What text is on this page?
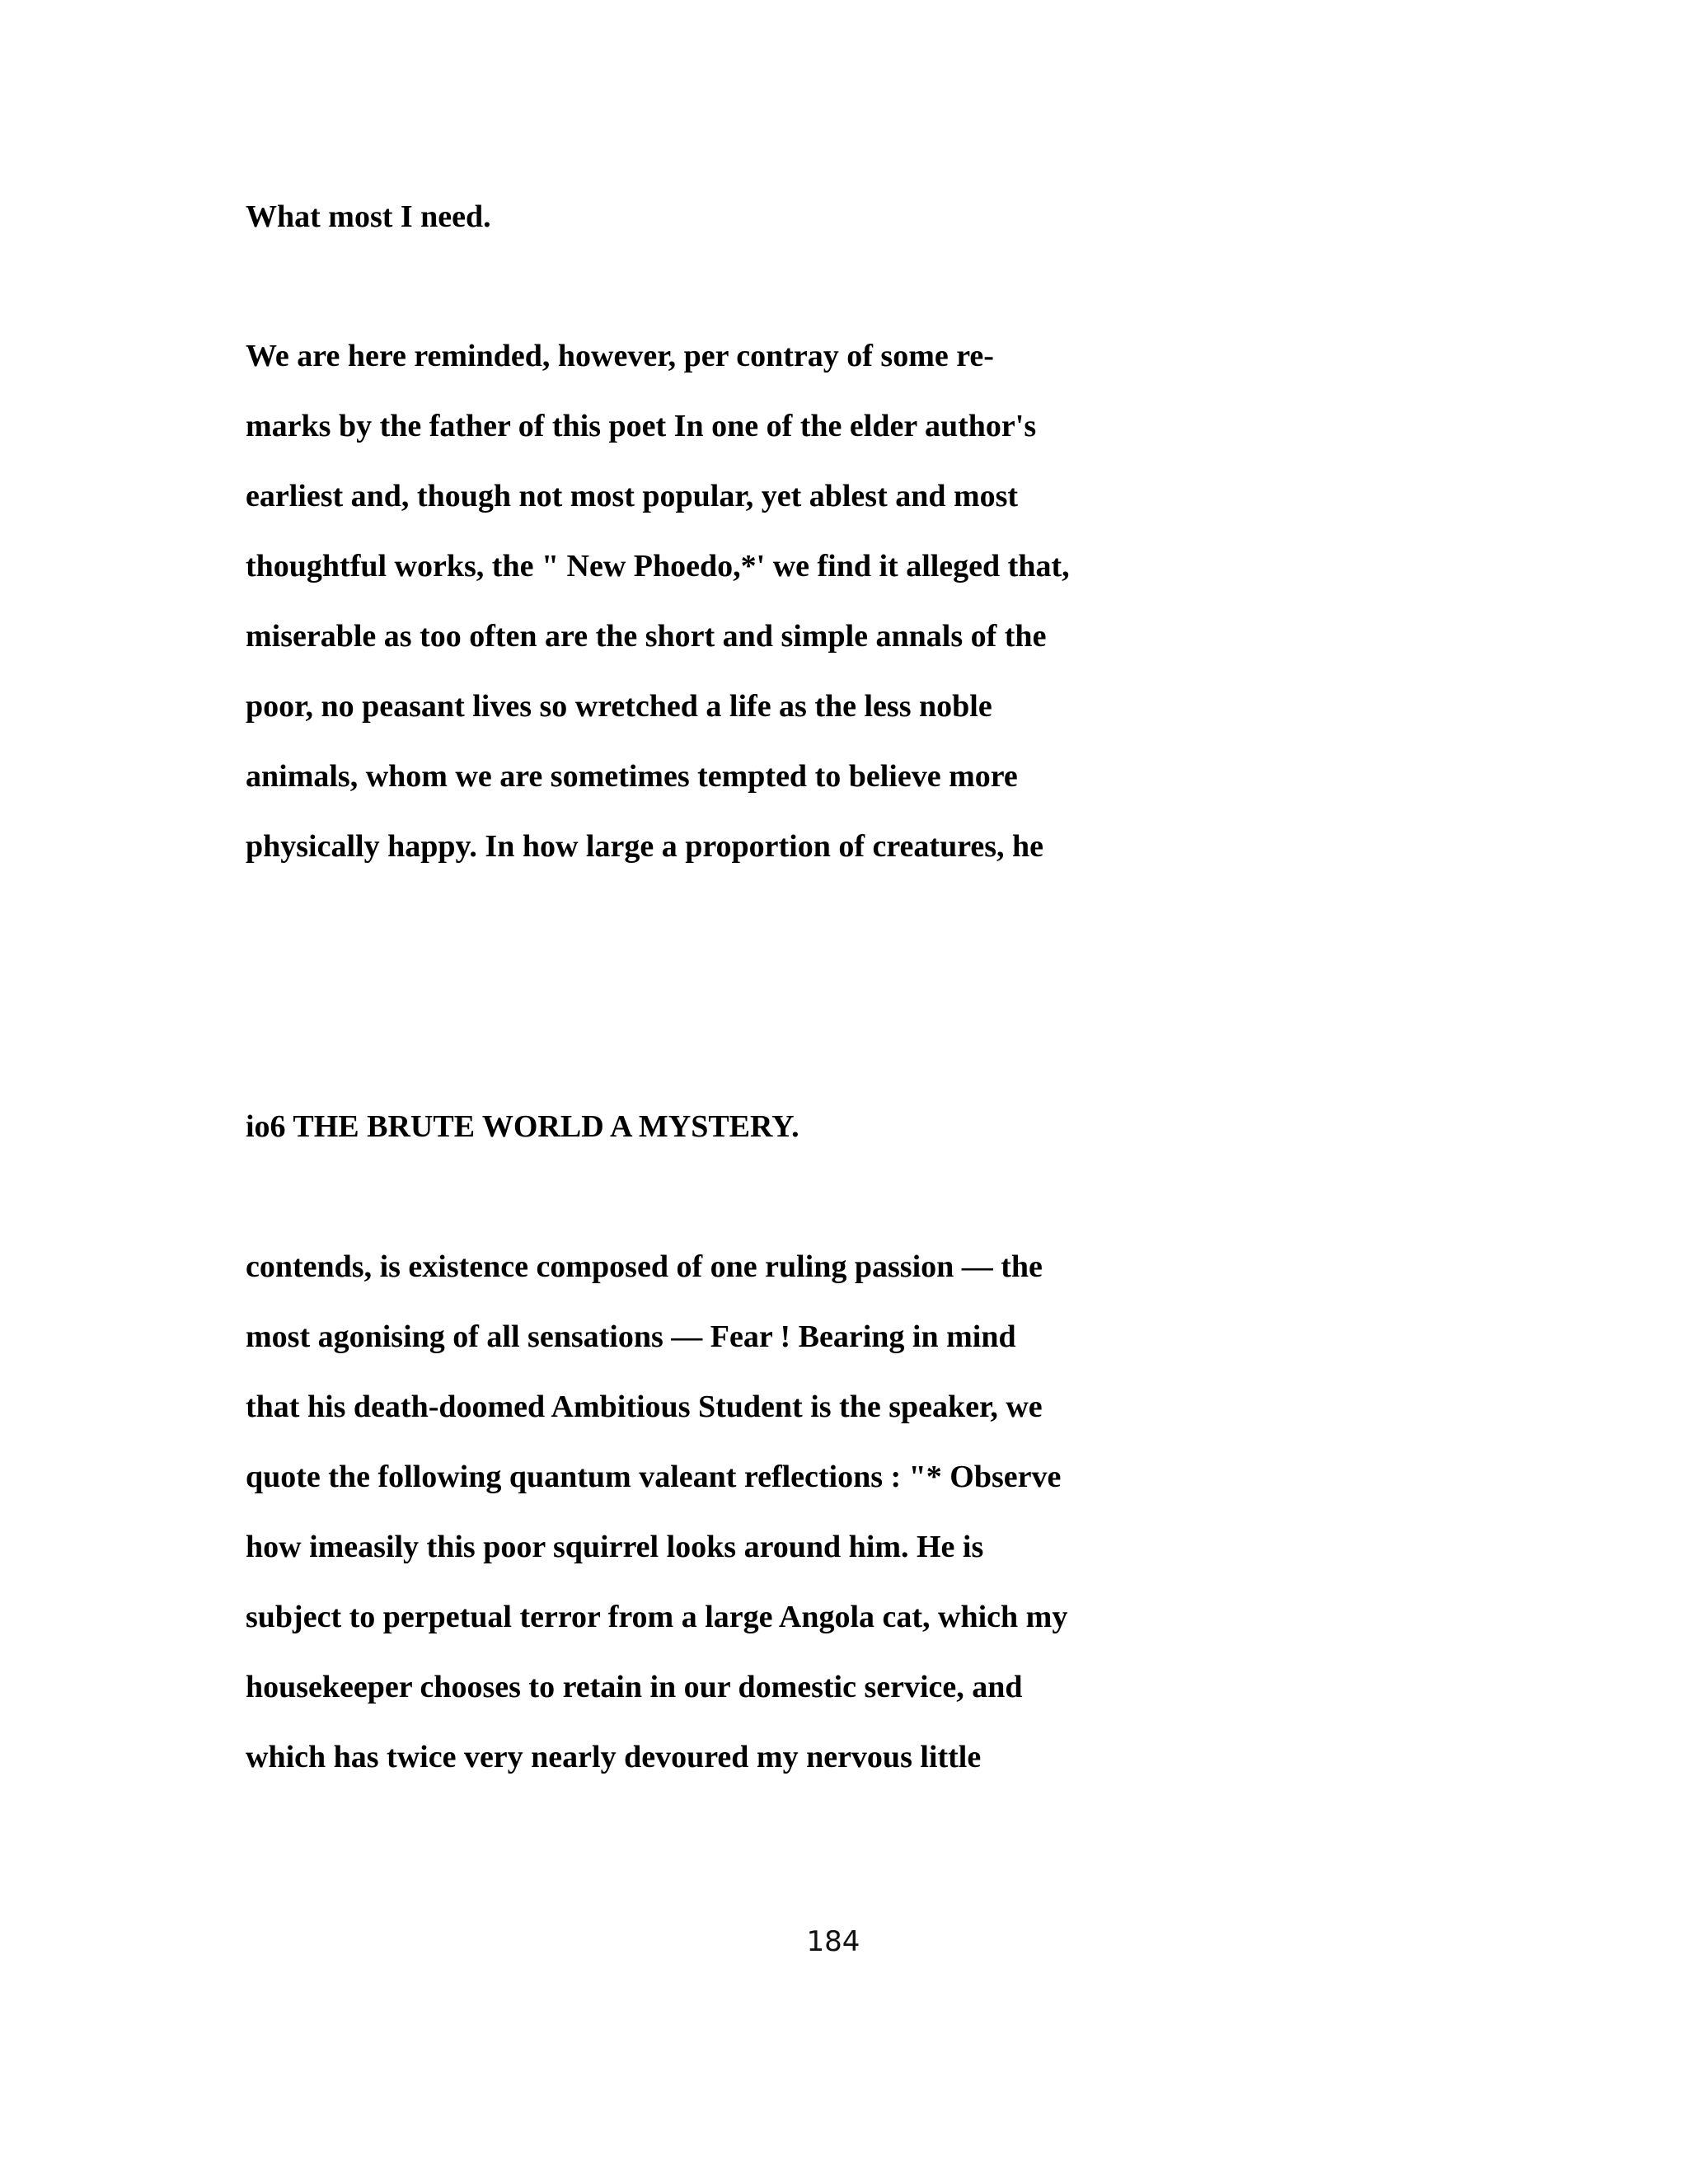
What most I need.

We are here reminded, however, per contray of some re-

marks by the father of this poet In one of the elder author's

earliest and, though not most popular, yet ablest and most

thoughtful works, the " New Phoedo,*' we find it alleged that,

miserable as too often are the short and simple annals of the

poor, no peasant lives so wretched a life as the less noble

animals, whom we are sometimes tempted to believe more

physically happy. In how large a proportion of creatures, he

io6 THE BRUTE WORLD A MYSTERY.

contends, is existence composed of one ruling passion — the

most agonising of all sensations — Fear ! Bearing in mind

that his death-doomed Ambitious Student is the speaker, we

quote the following quantum valeant reflections : "* Observe

how imeasily this poor squirrel looks around him. He is

subject to perpetual terror from a large Angola cat, which my

housekeeper chooses to retain in our domestic service, and

which has twice very nearly devoured my nervous little

184
